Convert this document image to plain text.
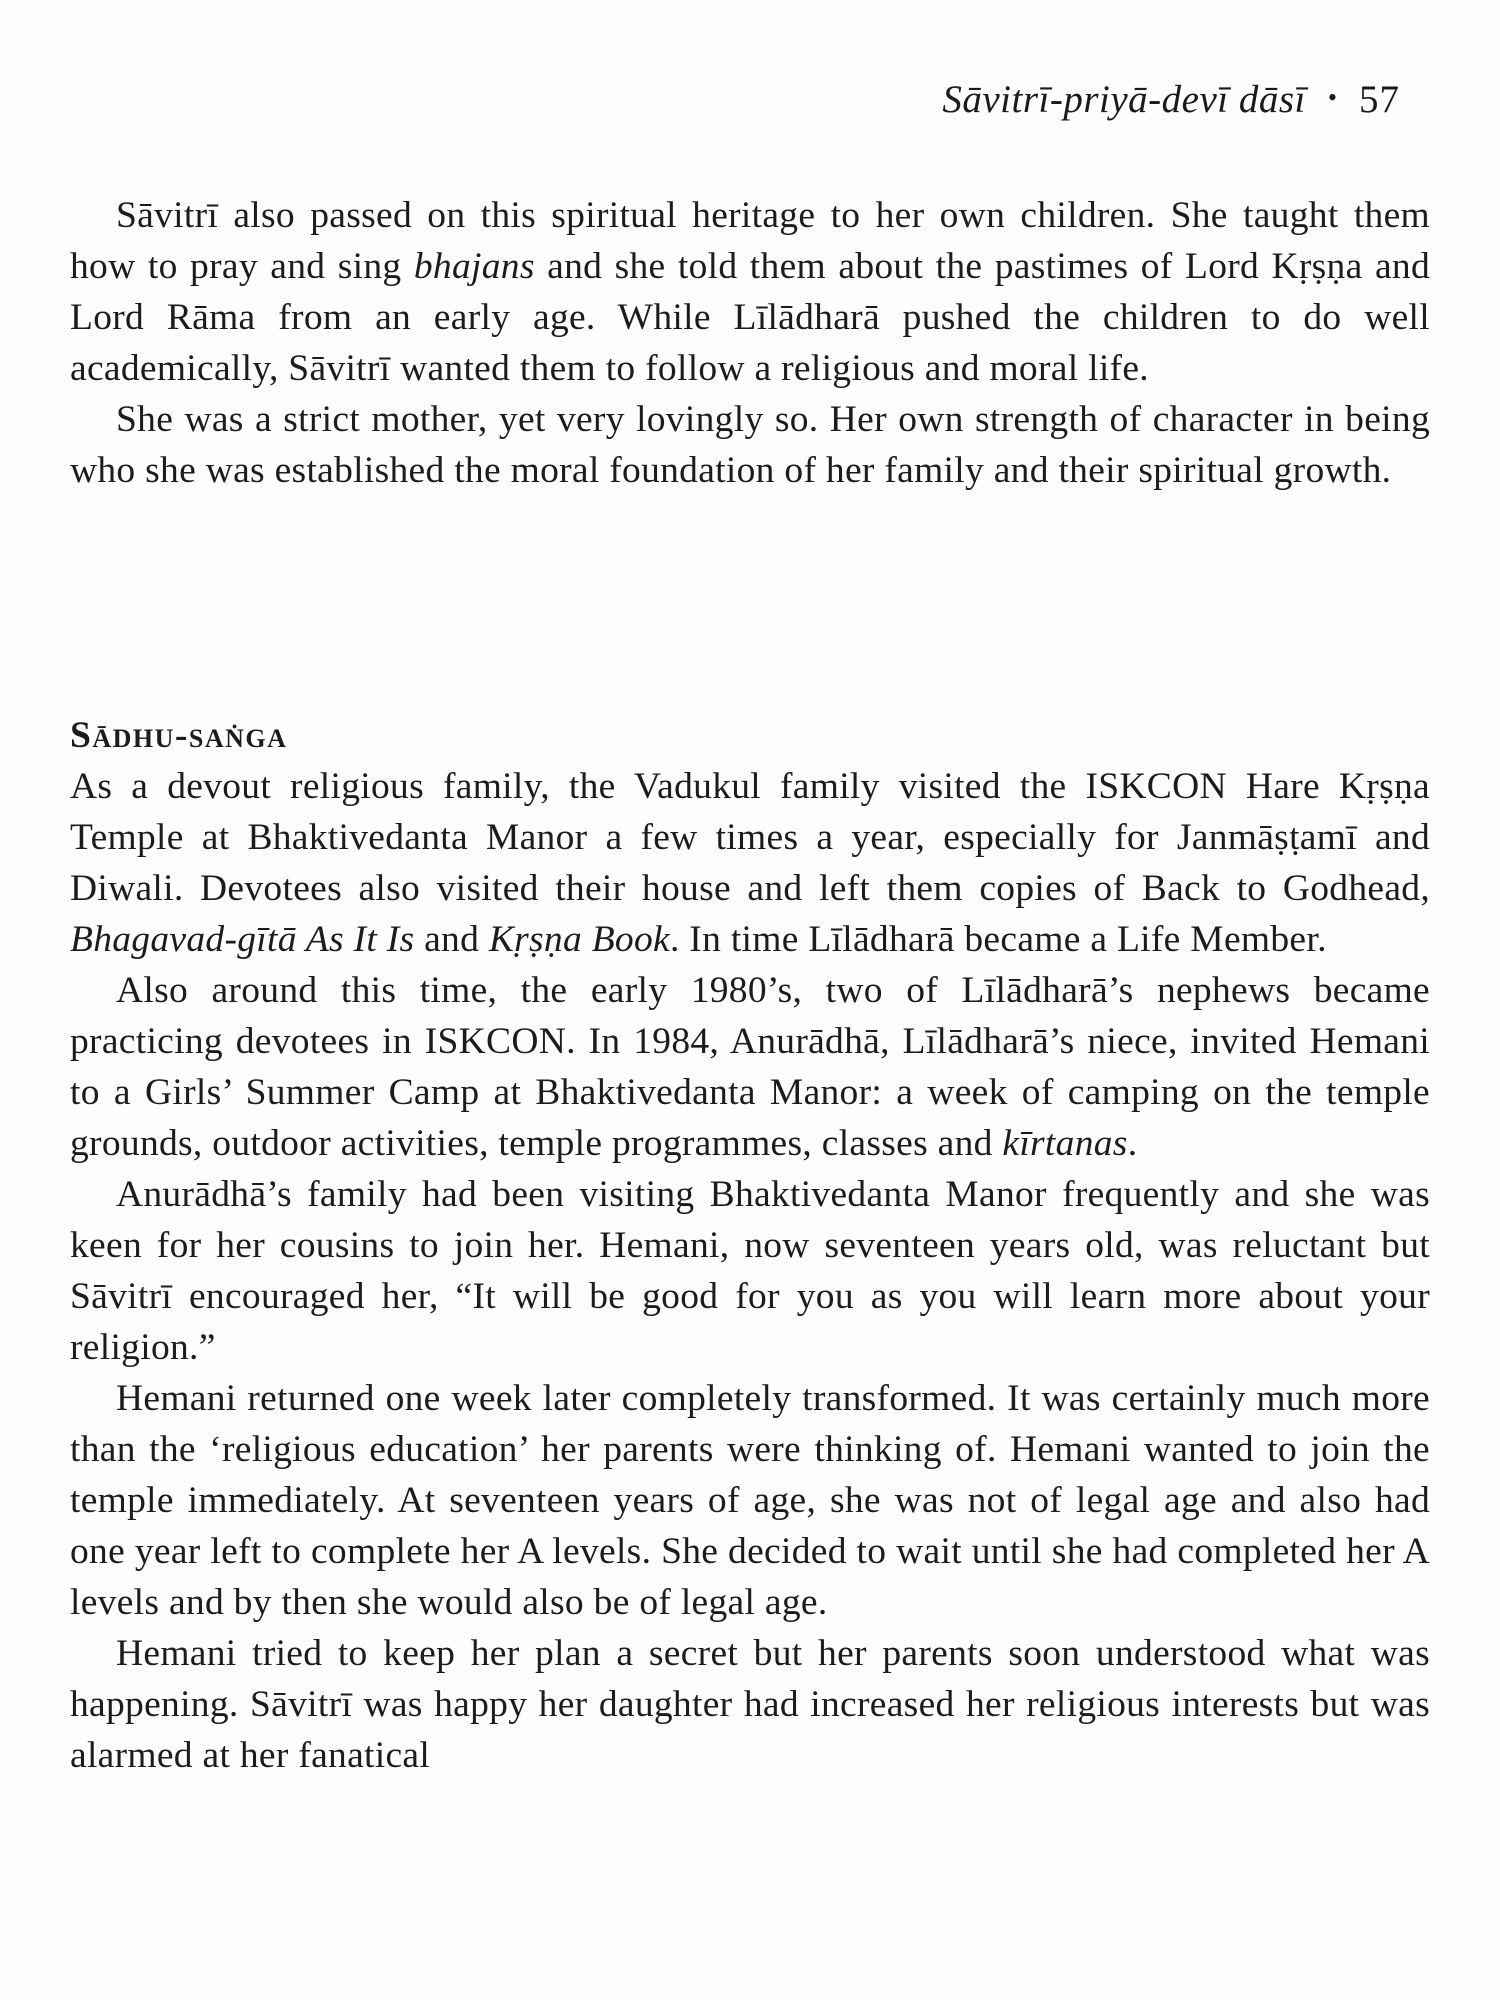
Sāvitrī-priyā-devī dāsī • 57

Sāvitrī also passed on this spiritual heritage to her own children. She taught them how to pray and sing bhajans and she told them about the pastimes of Lord Kṛṣṇa and Lord Rāma from an early age. While Līlādharā pushed the children to do well academically, Sāvitrī wanted them to follow a religious and moral life.

She was a strict mother, yet very lovingly so. Her own strength of character in being who she was established the moral foundation of her family and their spiritual growth.

Sādhu-saṅga

As a devout religious family, the Vadukul family visited the ISKCON Hare Kṛṣṇa Temple at Bhaktivedanta Manor a few times a year, especially for Janmāṣṭamī and Diwali. Devotees also visited their house and left them copies of Back to Godhead, Bhagavad-gītā As It Is and Kṛṣṇa Book. In time Līlādharā became a Life Member.

Also around this time, the early 1980’s, two of Līlādharā’s nephews became practicing devotees in ISKCON. In 1984, Anurādhā, Līlādharā’s niece, invited Hemani to a Girls’ Summer Camp at Bhaktivedanta Manor: a week of camping on the temple grounds, outdoor activities, temple programmes, classes and kīrtanas.

Anurādhā’s family had been visiting Bhaktivedanta Manor frequently and she was keen for her cousins to join her. Hemani, now seventeen years old, was reluctant but Sāvitrī encouraged her, “It will be good for you as you will learn more about your religion.”

Hemani returned one week later completely transformed. It was certainly much more than the ‘religious education’ her parents were thinking of. Hemani wanted to join the temple immediately. At seventeen years of age, she was not of legal age and also had one year left to complete her A levels. She decided to wait until she had completed her A levels and by then she would also be of legal age.

Hemani tried to keep her plan a secret but her parents soon understood what was happening. Sāvitrī was happy her daughter had increased her religious interests but was alarmed at her fanatical
